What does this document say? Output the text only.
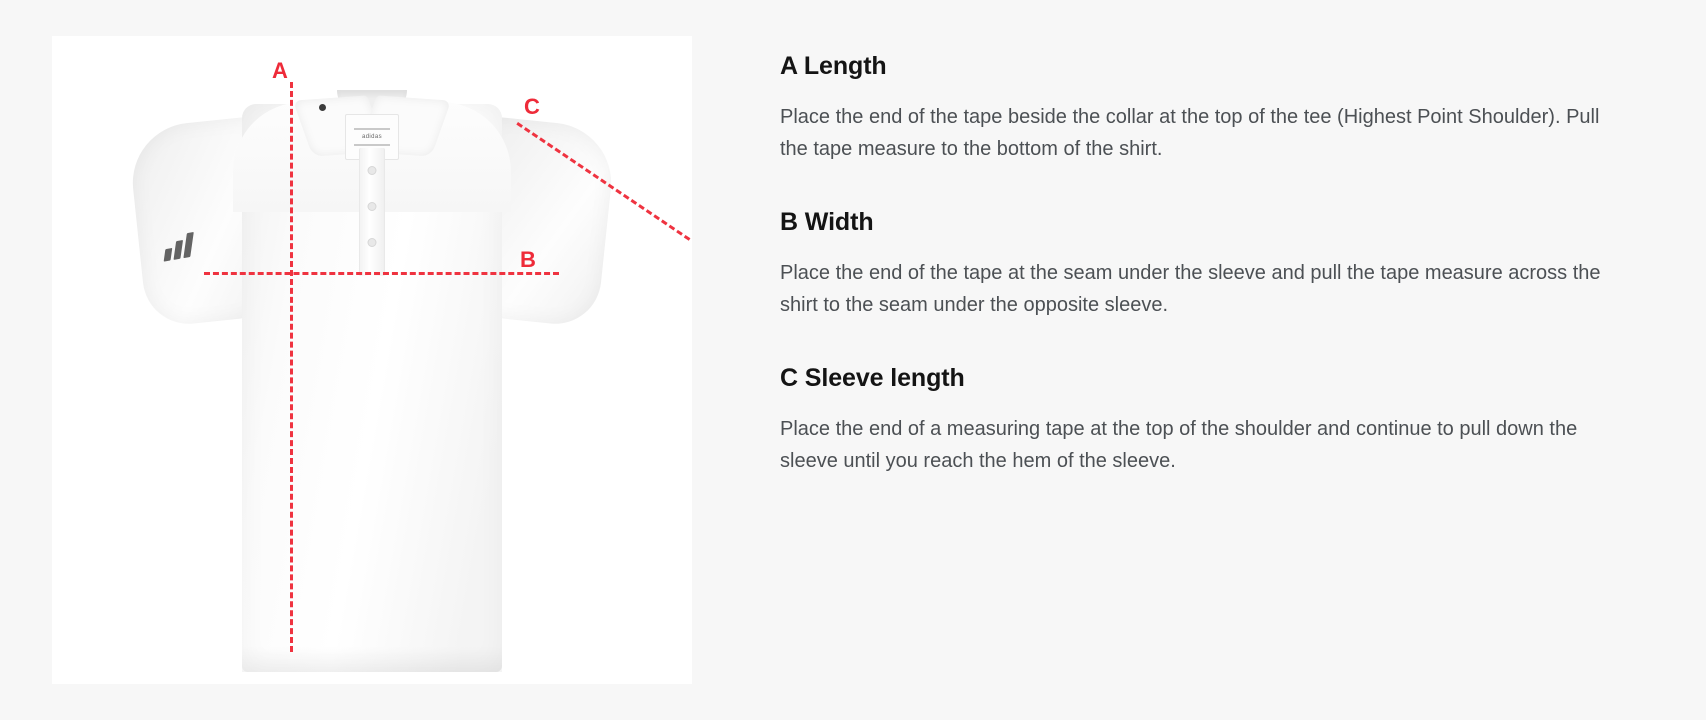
adidas
A
B
C
A Length

Place the end of the tape beside the collar at the top of the tee (Highest Point Shoulder). Pull the tape measure to the bottom of the shirt.

B Width

Place the end of the tape at the seam under the sleeve and pull the tape measure across the shirt to the seam under the opposite sleeve.

C Sleeve length

Place the end of a measuring tape at the top of the shoulder and continue to pull down the sleeve until you reach the hem of the sleeve.
